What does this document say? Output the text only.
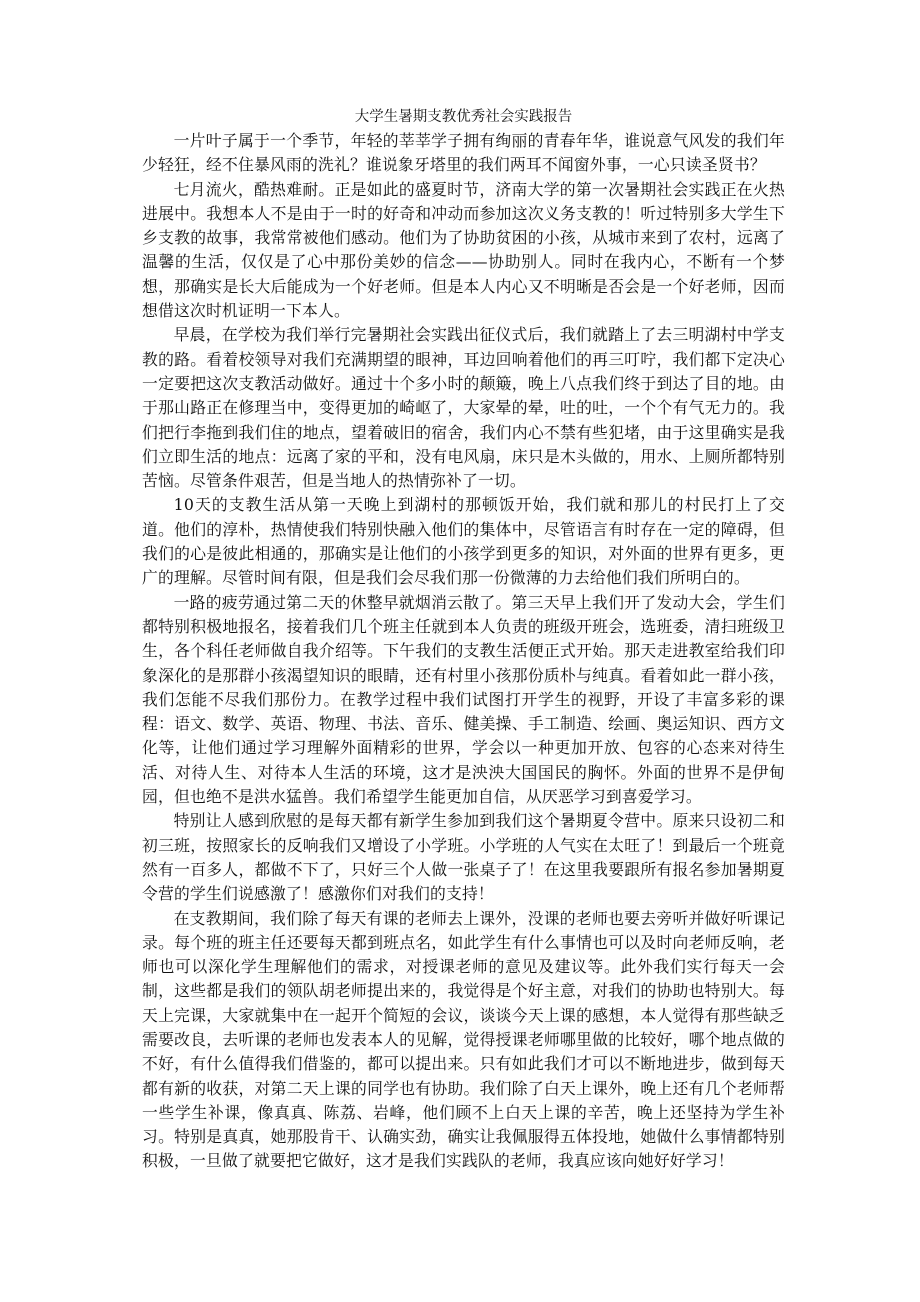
大学生暑期支教优秀社会实践报告

一片叶子属于一个季节，年轻的莘莘学子拥有绚丽的青春年华，谁说意气风发的我们年少轻狂，经不住暴风雨的洗礼？谁说象牙塔里的我们两耳不闻窗外事，一心只读圣贤书？

七月流火，酷热难耐。正是如此的盛夏时节，济南大学的第一次暑期社会实践正在火热进展中。我想本人不是由于一时的好奇和冲动而参加这次义务支教的！听过特别多大学生下乡支教的故事，我常常被他们感动。他们为了协助贫困的小孩，从城市来到了农村，远离了温馨的生活，仅仅是了心中那份美妙的信念——协助别人。同时在我内心，不断有一个梦想，那确实是长大后能成为一个好老师。但是本人内心又不明晰是否会是一个好老师，因而想借这次时机证明一下本人。

早晨，在学校为我们举行完暑期社会实践出征仪式后，我们就踏上了去三明湖村中学支教的路。看着校领导对我们充满期望的眼神，耳边回响着他们的再三叮咛，我们都下定决心一定要把这次支教活动做好。通过十个多小时的颠簸，晚上八点我们终于到达了目的地。由于那山路正在修理当中，变得更加的崎岖了，大家晕的晕，吐的吐，一个个有气无力的。我们把行李拖到我们住的地点，望着破旧的宿舍，我们内心不禁有些犯堵，由于这里确实是我们立即生活的地点：远离了家的平和，没有电风扇，床只是木头做的，用水、上厕所都特别苦恼。尽管条件艰苦，但是当地人的热情弥补了一切。

10天的支教生活从第一天晚上到湖村的那顿饭开始，我们就和那儿的村民打上了交道。他们的淳朴，热情使我们特别快融入他们的集体中，尽管语言有时存在一定的障碍，但我们的心是彼此相通的，那确实是让他们的小孩学到更多的知识，对外面的世界有更多，更广的理解。尽管时间有限，但是我们会尽我们那一份微薄的力去给他们我们所明白的。

一路的疲劳通过第二天的休整早就烟消云散了。第三天早上我们开了发动大会，学生们都特别积极地报名，接着我们几个班主任就到本人负责的班级开班会，选班委，清扫班级卫生，各个科任老师做自我介绍等。下午我们的支教生活便正式开始。那天走进教室给我们印象深化的是那群小孩渴望知识的眼睛，还有村里小孩那份质朴与纯真。看着如此一群小孩，我们怎能不尽我们那份力。在教学过程中我们试图打开学生的视野，开设了丰富多彩的课程：语文、数学、英语、物理、书法、音乐、健美操、手工制造、绘画、奥运知识、西方文化等，让他们通过学习理解外面精彩的世界，学会以一种更加开放、包容的心态来对待生活、对待人生、对待本人生活的环境，这才是泱泱大国国民的胸怀。外面的世界不是伊甸园，但也绝不是洪水猛兽。我们希望学生能更加自信，从厌恶学习到喜爱学习。

特别让人感到欣慰的是每天都有新学生参加到我们这个暑期夏令营中。原来只设初二和初三班，按照家长的反响我们又增设了小学班。小学班的人气实在太旺了！到最后一个班竟然有一百多人，都做不下了，只好三个人做一张桌子了！在这里我要跟所有报名参加暑期夏令营的学生们说感激了！感激你们对我们的支持！

在支教期间，我们除了每天有课的老师去上课外，没课的老师也要去旁听并做好听课记录。每个班的班主任还要每天都到班点名，如此学生有什么事情也可以及时向老师反响，老师也可以深化学生理解他们的需求，对授课老师的意见及建议等。此外我们实行每天一会制，这些都是我们的领队胡老师提出来的，我觉得是个好主意，对我们的协助也特别大。每天上完课，大家就集中在一起开个简短的会议，谈谈今天上课的感想，本人觉得有那些缺乏需要改良，去听课的老师也发表本人的见解，觉得授课老师哪里做的比较好，哪个地点做的不好，有什么值得我们借鉴的，都可以提出来。只有如此我们才可以不断地进步，做到每天都有新的收获，对第二天上课的同学也有协助。我们除了白天上课外，晚上还有几个老师帮一些学生补课，像真真、陈荔、岩峰，他们顾不上白天上课的辛苦，晚上还坚持为学生补习。特别是真真，她那股肯干、认确实劲，确实让我佩服得五体投地，她做什么事情都特别积极，一旦做了就要把它做好，这才是我们实践队的老师，我真应该向她好好学习！
